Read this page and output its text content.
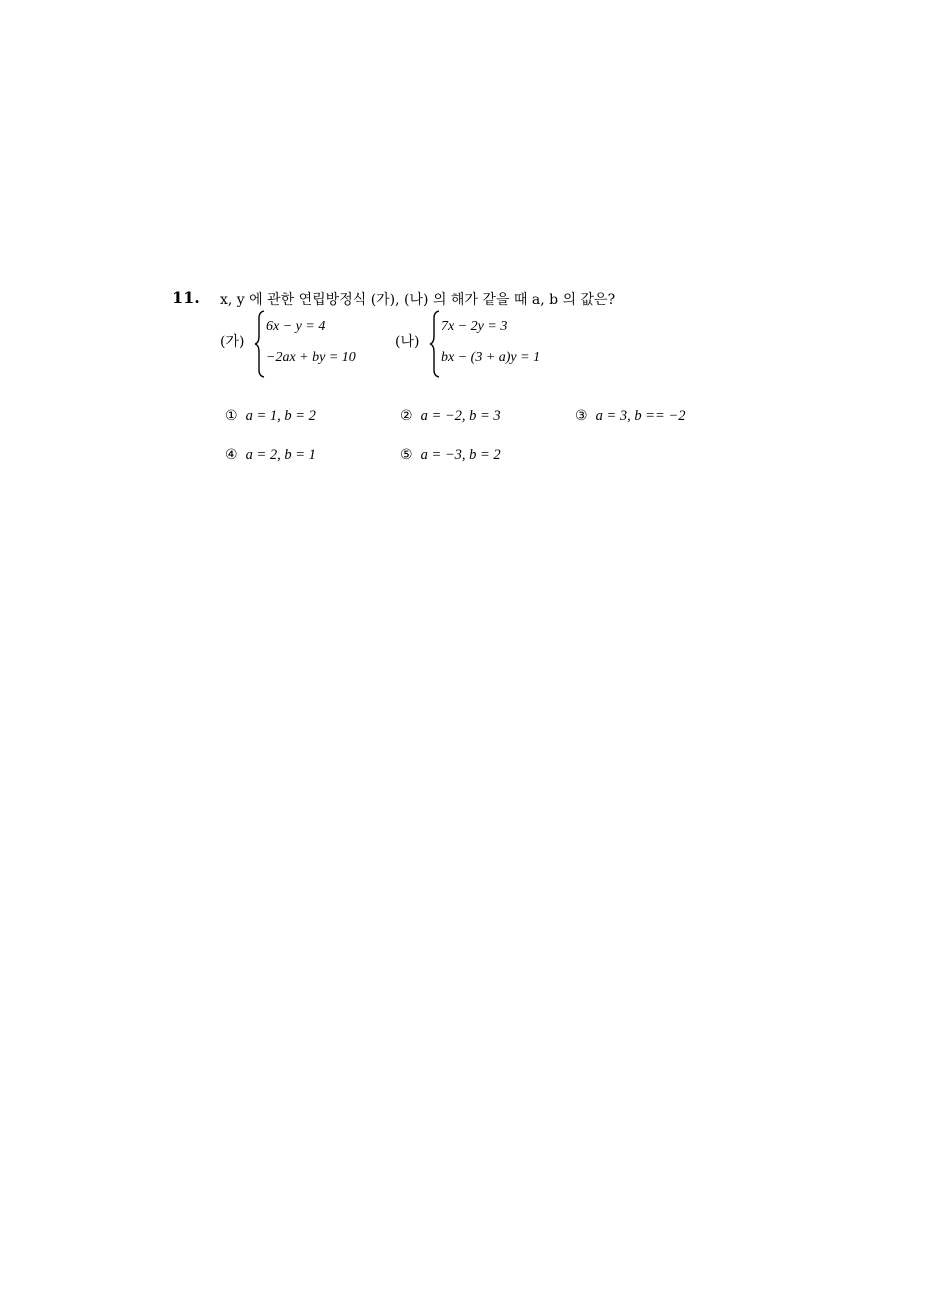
11. x, y 에 관한 연립방정식 (가), (나) 의 해가 같을 때 a, b 의 값은?
(가)
6x − y = 4
−2ax + by = 10
(나)
7x − 2y = 3
bx − (3 + a)y = 1
① a = 1, b = 2	② a = −2, b = 3	③ a = 3, b == −2
④ a = 2, b = 1	⑤ a = −3, b = 2
